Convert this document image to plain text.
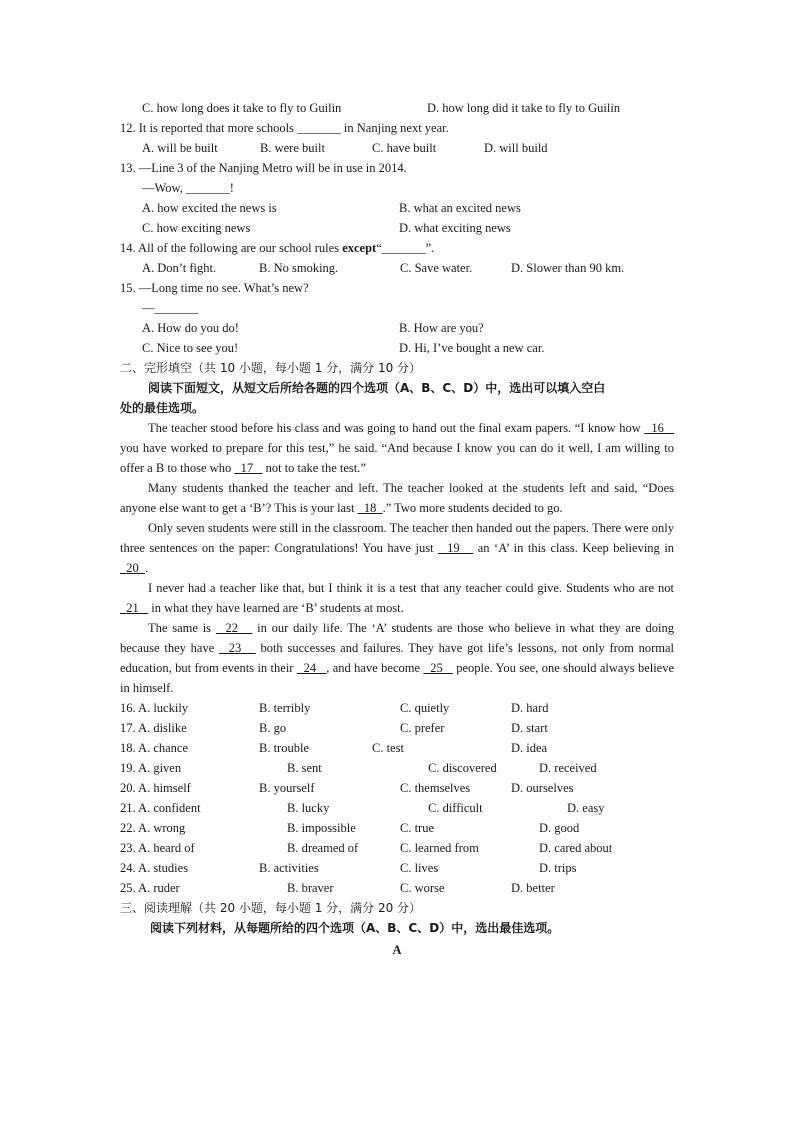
C. how long does it take to fly to Guilin	D. how long did it take to fly to Guilin
12. It is reported that more schools _______ in Nanjing next year.
A. will be built	B. were built	C. have built	D. will build
13. —Line 3 of the Nanjing Metro will be in use in 2014.
—Wow, _______!
A. how excited the news is	B. what an excited news
C. how exciting news	D. what exciting news
14. All of the following are our school rules except“_______”.
A. Don’t fight.	B. No smoking.	C. Save water.	D. Slower than 90 km.
15. —Long time no see. What’s new?
—_______
A. How do you do!	B. How are you?
C. Nice to see you!	D. Hi, I’ve bought a new car.
二、完形填空（共 10 小题，每小题 1 分，满分 10 分）
阅读下面短文，从短文后所给各题的四个选项（A、B、C、D）中，选出可以填入空白
处的最佳选项。
The teacher stood before his class and was going to hand out the final exam papers. “I know how 16    you have worked to prepare for this test,” he said. “And because I know you can do it well, I am willing to offer a B to those who 17 not to take the test.”
Many students thanked the teacher and left. The teacher looked at the students left and said, “Does anyone else want to get a ‘B’? This is your last 18 .” Two more students decided to go.
Only seven students were still in the classroom. The teacher then handed out the papers. There were only three sentences on the paper: Congratulations! You have just 19 an ‘A’ in this class. Keep believing in   20 .
I never had a teacher like that, but I think it is a test that any teacher could give. Students who are not   21 in what they have learned are ‘B’ students at most.
The same is 22 in our daily life. The ‘A’ students are those who believe in what they are doing because they have 23 both successes and failures. They have got life’s lessons, not only from normal education, but from events in their 24 , and have become 25 people. You see, one should always believe in himself.
16. A. luckily	B. terribly	C. quietly	D. hard
17. A. dislike	B. go	C. prefer	D. start
18. A. chance	B. trouble	C. test	D. idea
19. A. given	B. sent	C. discovered	D. received
20. A. himself	B. yourself	C. themselves	D. ourselves
21. A. confident	B. lucky	C. difficult	D. easy
22. A. wrong	B. impossible	C. true	D. good
23. A. heard of	B. dreamed of	C. learned from	D. cared about
24. A. studies	B. activities	C. lives	D. trips
25. A. ruder	B. braver	C. worse	D. better
三、阅读理解（共 20 小题，每小题 1 分，满分 20 分）
阅读下列材料，从每题所给的四个选项（A、B、C、D）中，选出最佳选项。
A
